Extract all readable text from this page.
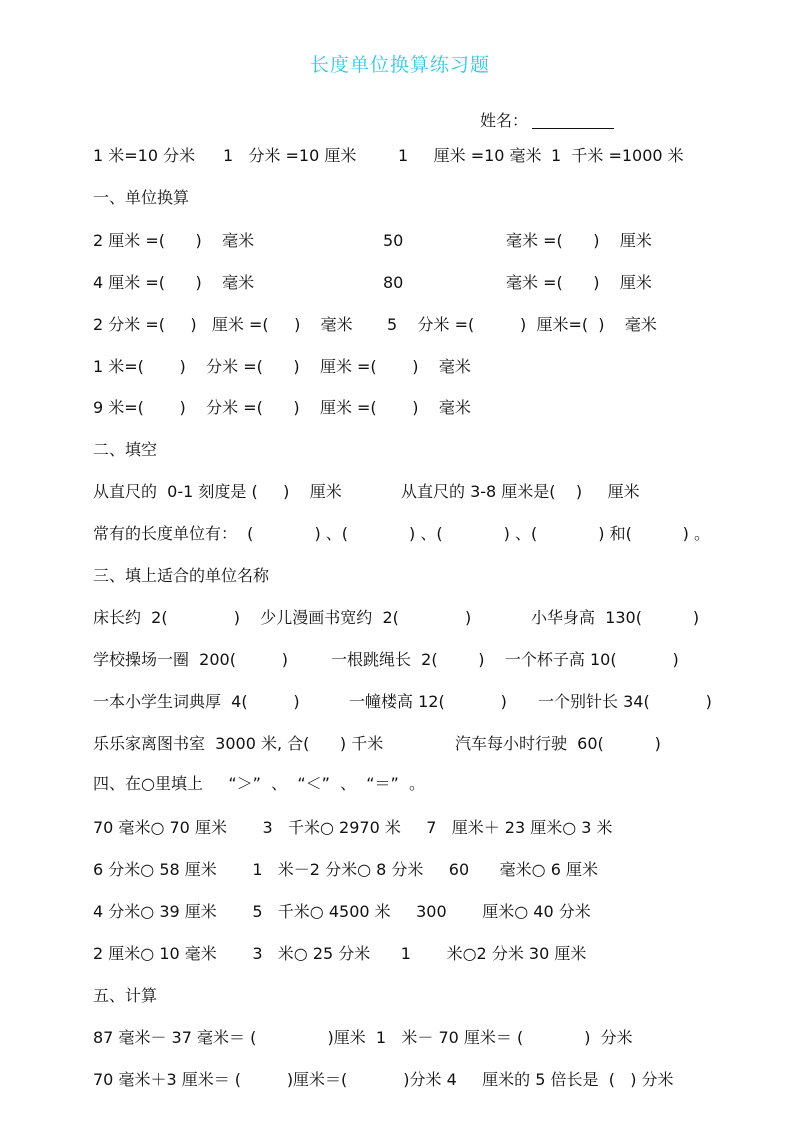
长度单位换算练习题
姓名：
1 米=10 分米 1   分米 =10 厘米	1     厘米 =10 毫米 1  千米 =1000 米
一、单位换算
2 厘米 =(      )    毫米	50	毫米 =(      )    厘米
4 厘米 =(      )    毫米	80	毫米 =(      )    厘米
2 分米 =(     )   厘米 =(     )    毫米 5    分米 =(         )  厘米=(  )    毫米
1 米=(       )    分米 =(      )    厘米 =(       )    毫米
9 米=(       )    分米 =(      )    厘米 =(       )    毫米
二、填空
从直尺的  0-1 刻度是 (     )    厘米	从直尺的 3-8 厘米是(    )     厘米
常有的长度单位有：  (            ) 、(            ) 、(            ) 、(            ) 和(          ) 。
三、填上适合的单位名称
床长约  2(             )    少儿漫画书宽约  2(             )	小华身高  130(          )
学校操场一圈  200(         )	一根跳绳长  2(        )    一个杯子高 10(           )
一本小学生词典厚  4(         )	一幢楼高 12(           ) 一个别针长 34(           )
乐乐家离图书室  3000 米, 合(      ) 千米	汽车每小时行驶  60(          )
四、在○里填上     “＞”  、  “＜”  、  “＝”  。
70 毫米○ 70 厘米       3   千米○ 2970 米     7   厘米＋ 23 厘米○ 3 米
6 分米○ 58 厘米       1   米－2 分米○ 8 分米     60      毫米○ 6 厘米
4 分米○ 39 厘米       5   千米○ 4500 米     300       厘米○ 40 分米
2 厘米○ 10 毫米       3   米○ 25 分米      1       米○2 分米 30 厘米
五、计算
87 毫米－ 37 毫米＝ (              )厘米  1   米－ 70 厘米＝ (            )  分米
70 毫米＋3 厘米＝ (         )厘米＝(           )分米 4     厘米的 5 倍长是  (   ) 分米
